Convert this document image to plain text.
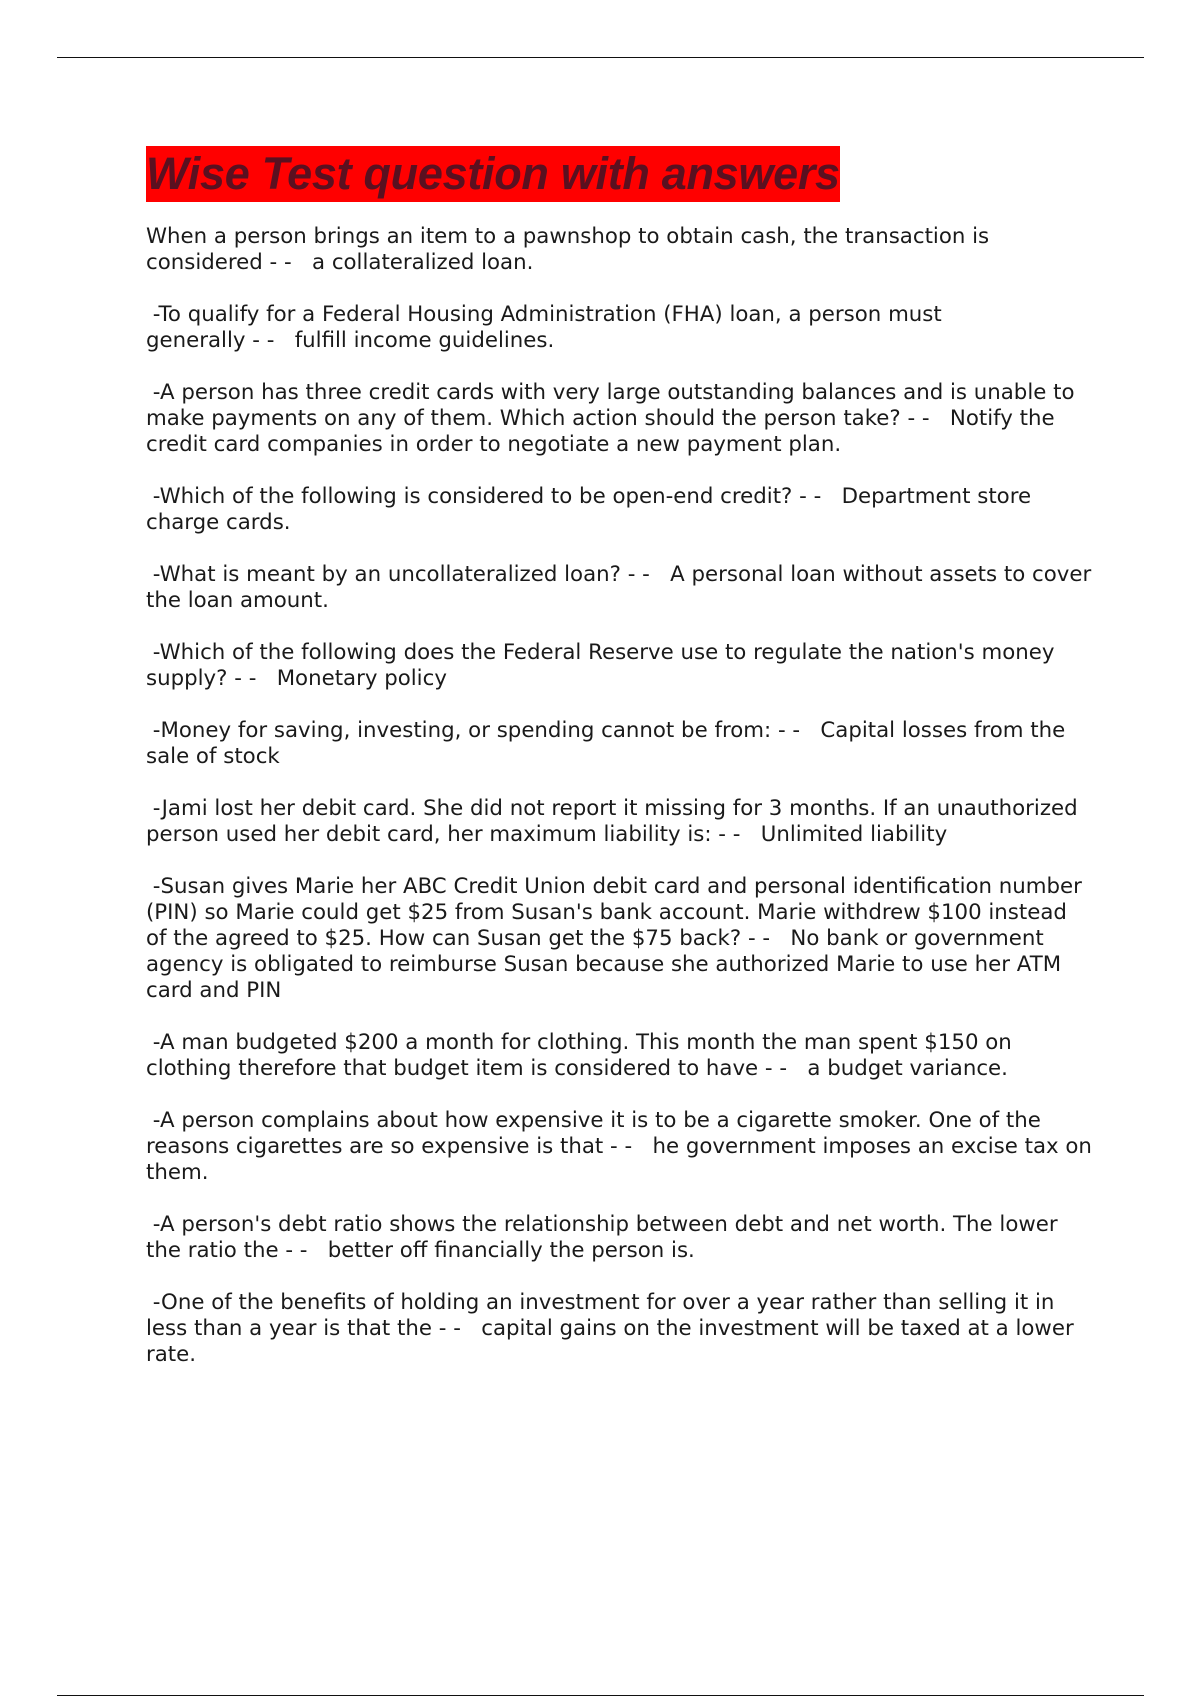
Wise Test question with answers

When a person brings an item to a pawnshop to obtain cash, the transaction is considered - -   a collateralized loan.

-To qualify for a Federal Housing Administration (FHA) loan, a person must generally - -   fulfill income guidelines.

-A person has three credit cards with very large outstanding balances and is unable to make payments on any of them. Which action should the person take? - -   Notify the credit card companies in order to negotiate a new payment plan.

-Which of the following is considered to be open-end credit? - -   Department store charge cards.

-What is meant by an uncollateralized loan? - -   A personal loan without assets to cover the loan amount.

-Which of the following does the Federal Reserve use to regulate the nation's money supply? - -   Monetary policy

-Money for saving, investing, or spending cannot be from: - -   Capital losses from the sale of stock

-Jami lost her debit card. She did not report it missing for 3 months. If an unauthorized person used her debit card, her maximum liability is: - -   Unlimited liability

-Susan gives Marie her ABC Credit Union debit card and personal identification number (PIN) so Marie could get $25 from Susan's bank account. Marie withdrew $100 instead of the agreed to $25. How can Susan get the $75 back? - -   No bank or government agency is obligated to reimburse Susan because she authorized Marie to use her ATM card and PIN

-A man budgeted $200 a month for clothing. This month the man spent $150 on clothing therefore that budget item is considered to have - -   a budget variance.

-A person complains about how expensive it is to be a cigarette smoker. One of the reasons cigarettes are so expensive is that - -   he government imposes an excise tax on them.

-A person's debt ratio shows the relationship between debt and net worth. The lower the ratio the - -   better off financially the person is.

-One of the benefits of holding an investment for over a year rather than selling it in less than a year is that the - -   capital gains on the investment will be taxed at a lower rate.
